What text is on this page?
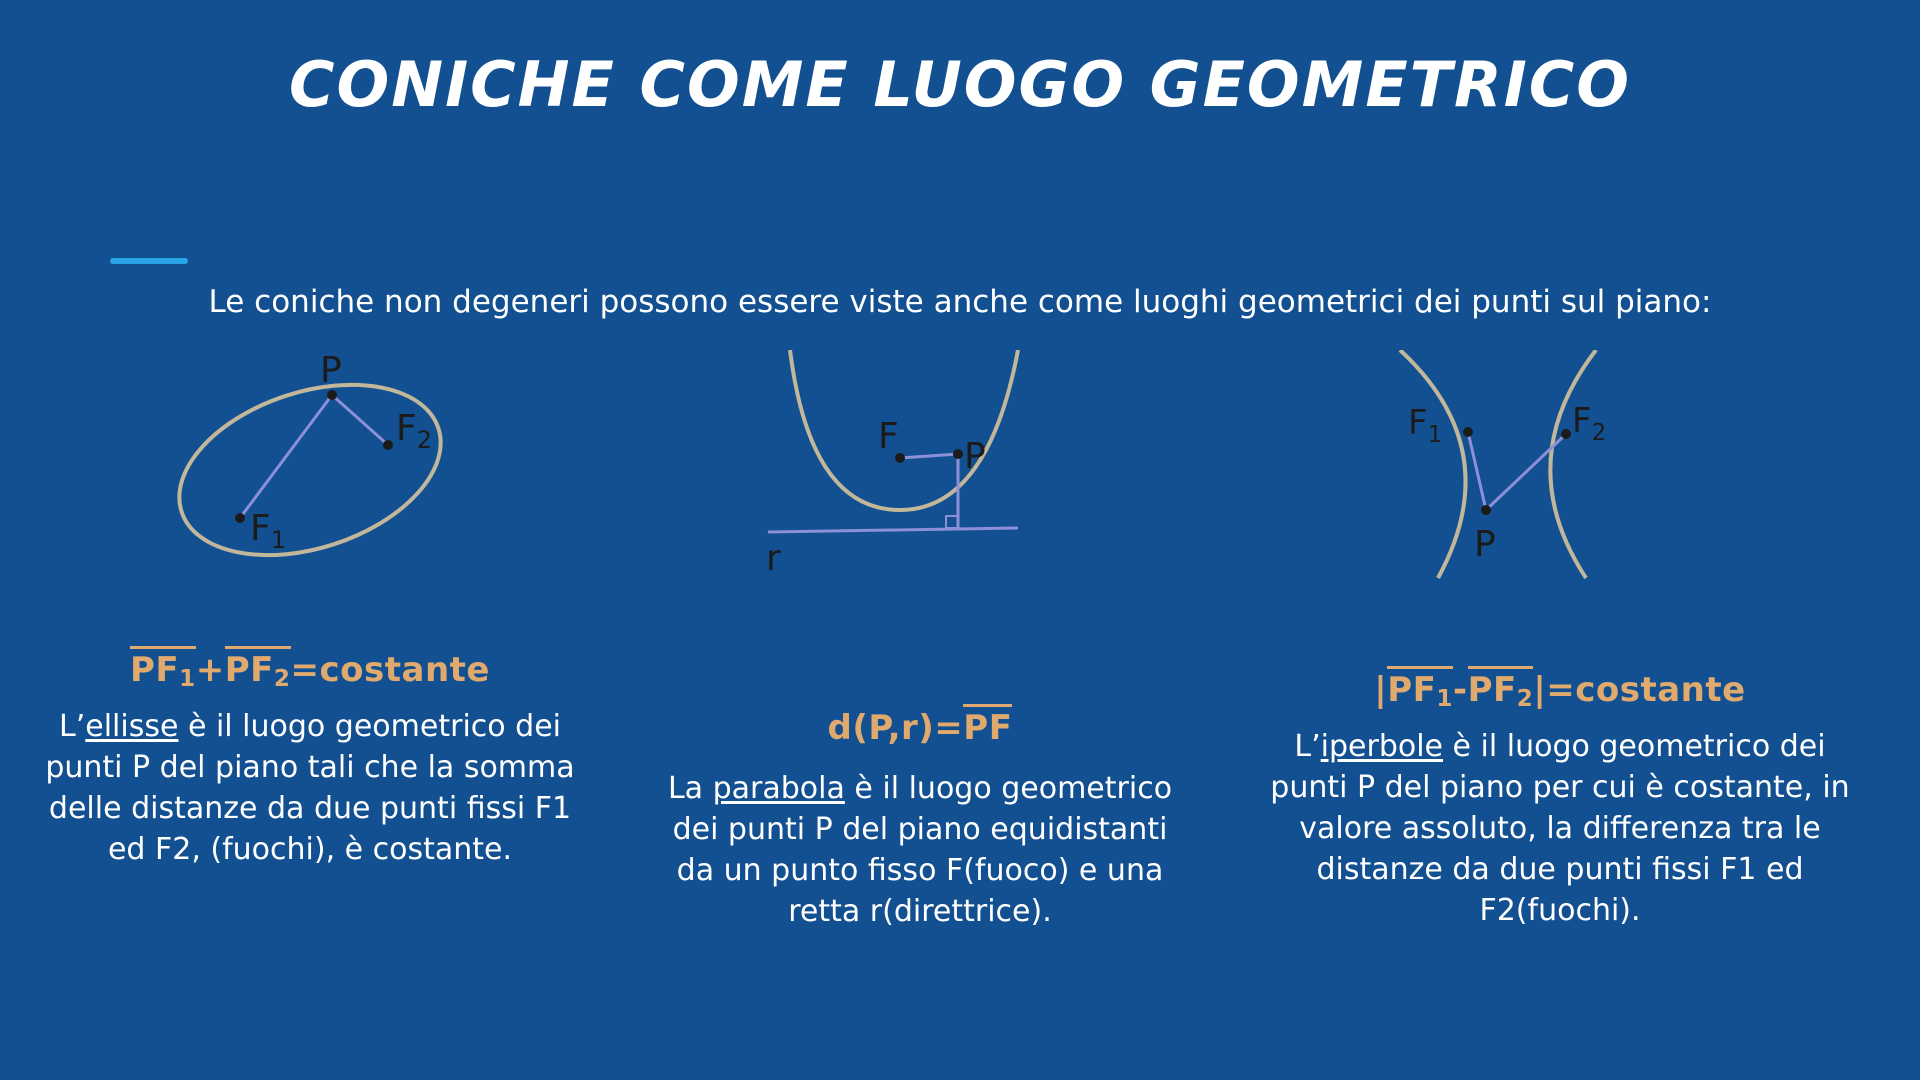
CONICHE COME LUOGO GEOMETRICO
Le coniche non degeneri possono essere viste anche come luoghi geometrici dei punti sul piano:
P
$F_1$
$F_2$
$PF_1+PF_2=costante$
L’ellisse è il luogo geometrico dei punti P del piano tali che la somma delle distanze da due punti fissi F1 ed F2, (fuochi), è costante.
F P
r
d(P,r)=PF
La parabola è il luogo geometrico dei punti P del piano equidistanti da un punto fisso F(fuoco) e una retta r(direttrice).
$F_1$	$F_2$
P
$|PF_1-PF_2|=costante$
L’iperbole è il luogo geometrico dei punti P del piano per cui è costante, in valore assoluto, la differenza tra le distanze da due punti fissi F1 ed F2(fuochi).
